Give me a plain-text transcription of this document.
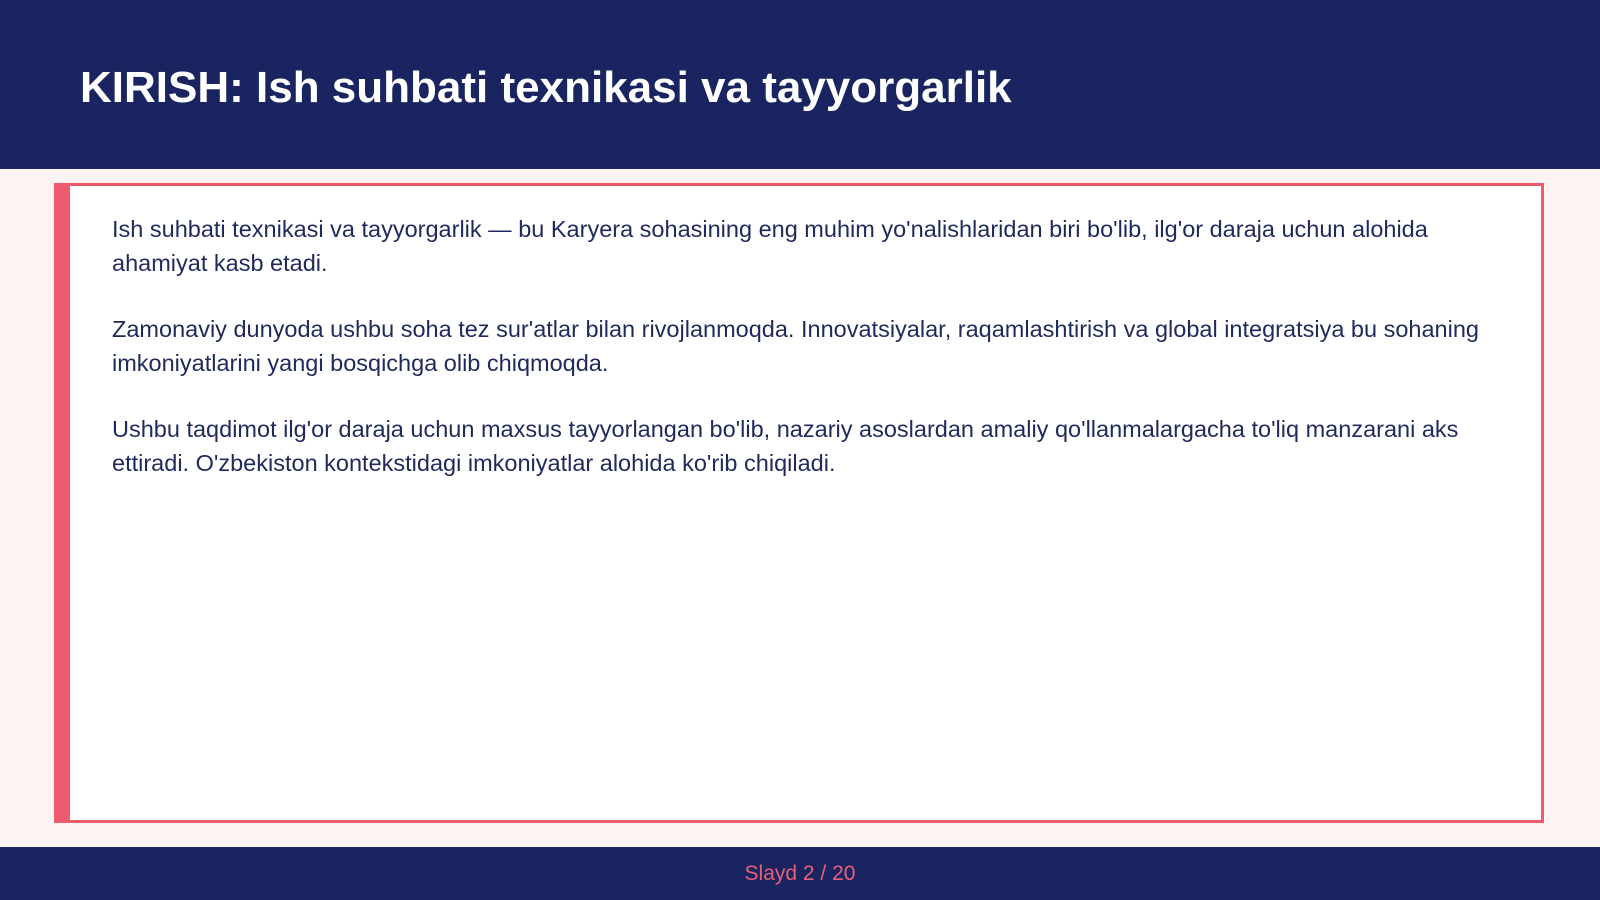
KIRISH: Ish suhbati texnikasi va tayyorgarlik

Ish suhbati texnikasi va tayyorgarlik — bu Karyera sohasining eng muhim yo'nalishlaridan biri bo'lib, ilg'or daraja uchun alohida ahamiyat kasb etadi.

Zamonaviy dunyoda ushbu soha tez sur'atlar bilan rivojlanmoqda. Innovatsiyalar, raqamlashtirish va global integratsiya bu sohaning imkoniyatlarini yangi bosqichga olib chiqmoqda.

Ushbu taqdimot ilg'or daraja uchun maxsus tayyorlangan bo'lib, nazariy asoslardan amaliy qo'llanmalargacha to'liq manzarani aks ettiradi. O'zbekiston kontekstidagi imkoniyatlar alohida ko'rib chiqiladi.

Slayd 2 / 20
